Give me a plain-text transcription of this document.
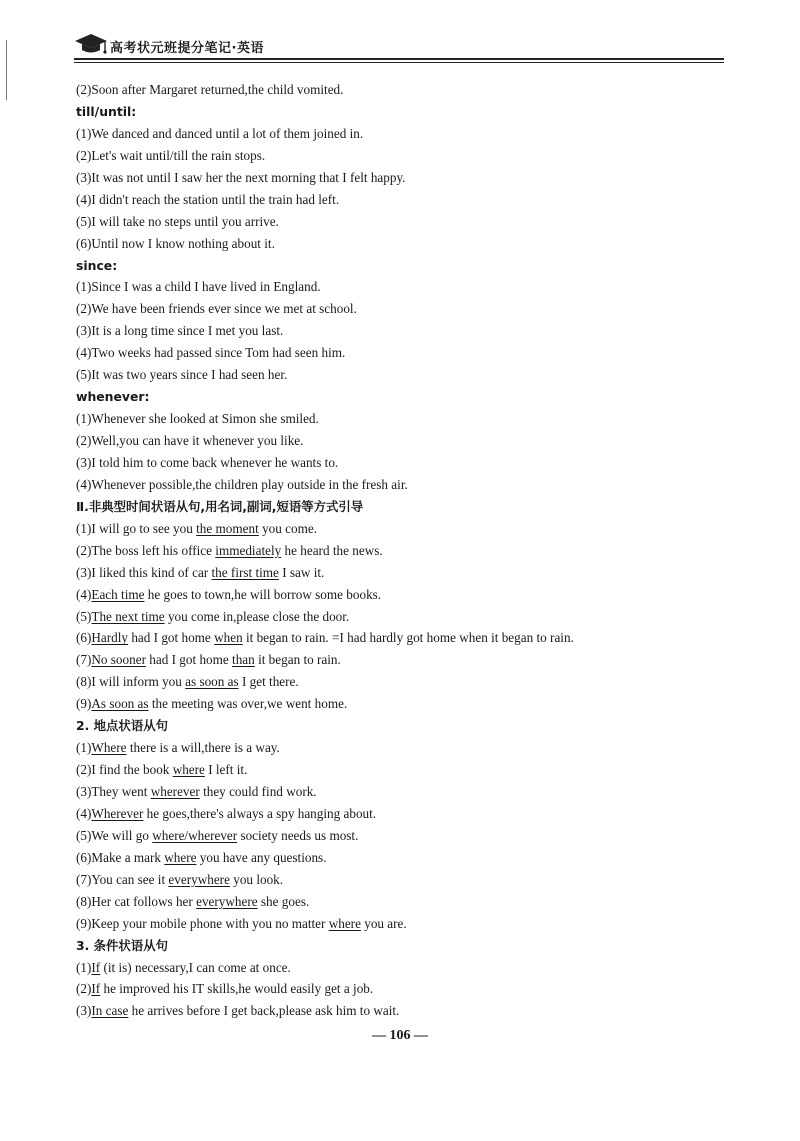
高考状元班提分笔记·英语
(2)Soon after Margaret returned,the child vomited.
till/until:
(1)We danced and danced until a lot of them joined in.
(2)Let's wait until/till the rain stops.
(3)It was not until I saw her the next morning that I felt happy.
(4)I didn't reach the station until the train had left.
(5)I will take no steps until you arrive.
(6)Until now I know nothing about it.
since:
(1)Since I was a child I have lived in England.
(2)We have been friends ever since we met at school.
(3)It is a long time since I met you last.
(4)Two weeks had passed since Tom had seen him.
(5)It was two years since I had seen her.
whenever:
(1)Whenever she looked at Simon she smiled.
(2)Well,you can have it whenever you like.
(3)I told him to come back whenever he wants to.
(4)Whenever possible,the children play outside in the fresh air.
Ⅱ.非典型时间状语从句,用名词,副词,短语等方式引导
(1)I will go to see you the moment you come.
(2)The boss left his office immediately he heard the news.
(3)I liked this kind of car the first time I saw it.
(4)Each time he goes to town,he will borrow some books.
(5)The next time you come in,please close the door.
(6)Hardly had I got home when it began to rain. =I had hardly got home when it began to rain.
(7)No sooner had I got home than it began to rain.
(8)I will inform you as soon as I get there.
(9)As soon as the meeting was over,we went home.
2. 地点状语从句
(1)Where there is a will,there is a way.
(2)I find the book where I left it.
(3)They went wherever they could find work.
(4)Wherever he goes,there's always a spy hanging about.
(5)We will go where/wherever society needs us most.
(6)Make a mark where you have any questions.
(7)You can see it everywhere you look.
(8)Her cat follows her everywhere she goes.
(9)Keep your mobile phone with you no matter where you are.
3. 条件状语从句
(1)If (it is) necessary,I can come at once.
(2)If he improved his IT skills,he would easily get a job.
(3)In case he arrives before I get back,please ask him to wait.
— 106 —
